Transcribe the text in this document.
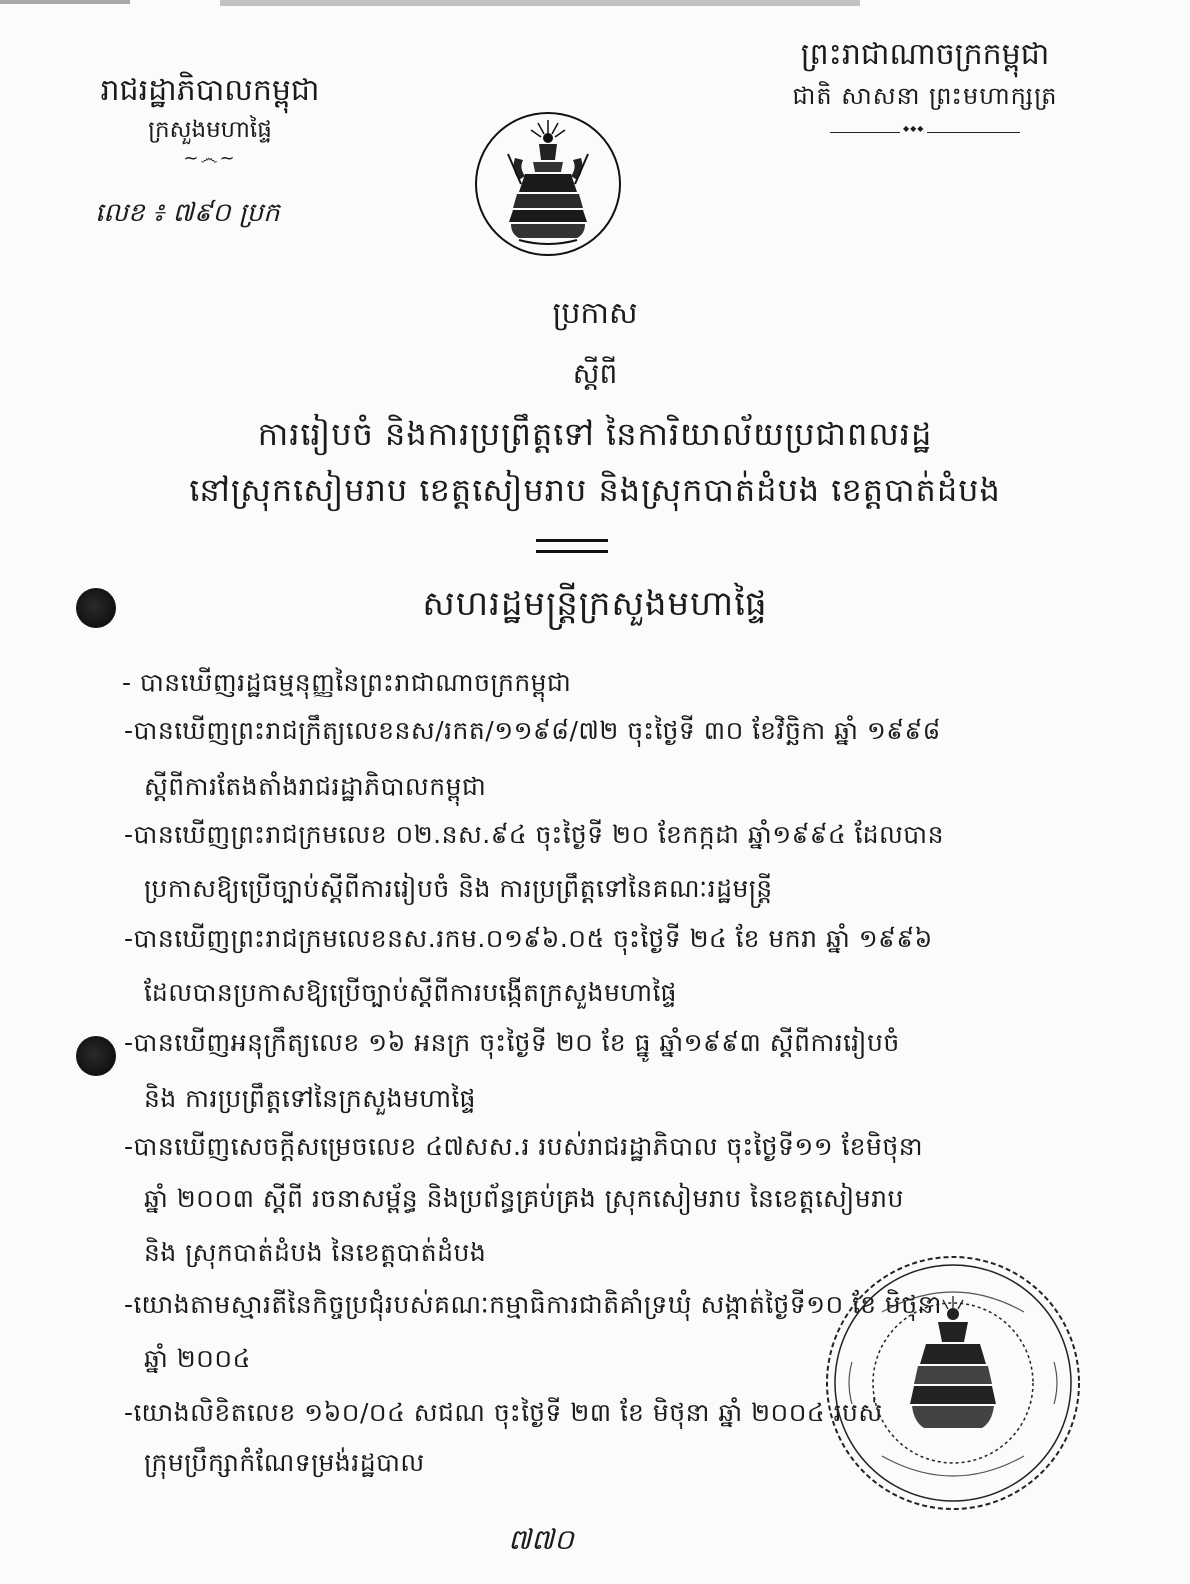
រាជរដ្ឋាភិបាលកម្ពុជា
ក្រសួងមហាផ្ទៃ
~෴~
លេខ ៖ ៧៩០ ប្រក
ព្រះរាជាណាចក្រកម្ពុជា
ជាតិ សាសនា ព្រះមហាក្សត្រ
◆◆◆
ប្រកាស
ស្ដីពី
ការរៀបចំ និងការប្រព្រឹត្តទៅ នៃការិយាល័យប្រជាពលរដ្ឋ
នៅស្រុកសៀមរាប ខេត្តសៀមរាប និងស្រុកបាត់ដំបង ខេត្តបាត់ដំបង
សហរដ្ឋមន្ត្រីក្រសួងមហាផ្ទៃ
- បានឃើញរដ្ឋធម្មនុញ្ញនៃព្រះរាជាណាចក្រកម្ពុជា
-បានឃើញព្រះរាជក្រឹត្យលេខនស/រកត/១១៩៨/៧២ ចុះថ្ងៃទី ៣០ ខែវិច្ឆិកា ឆ្នាំ ១៩៩៨
ស្ដីពីការតែងតាំងរាជរដ្ឋាភិបាលកម្ពុជា
-បានឃើញព្រះរាជក្រមលេខ ០២.នស.៩៤ ចុះថ្ងៃទី ២០ ខែកក្កដា ឆ្នាំ១៩៩៤ ដែលបាន
ប្រកាសឱ្យប្រើច្បាប់ស្ដីពីការរៀបចំ និង ការប្រព្រឹត្តទៅនៃគណៈរដ្ឋមន្ត្រី
-បានឃើញព្រះរាជក្រមលេខនស.រកម.០១៩៦.០៥ ចុះថ្ងៃទី ២៤ ខែ មករា ឆ្នាំ ១៩៩៦
ដែលបានប្រកាសឱ្យប្រើច្បាប់ស្ដីពីការបង្កើតក្រសួងមហាផ្ទៃ
-បានឃើញអនុក្រឹត្យលេខ ១៦ អនក្រ ចុះថ្ងៃទី ២០ ខែ ធ្នូ ឆ្នាំ១៩៩៣ ស្ដីពីការរៀបចំ
និង ការប្រព្រឹត្តទៅនៃក្រសួងមហាផ្ទៃ
-បានឃើញសេចក្ដីសម្រេចលេខ ៤៧សស.រ របស់រាជរដ្ឋាភិបាល ចុះថ្ងៃទី១១ ខែមិថុនា
ឆ្នាំ ២០០៣ ស្ដីពី រចនាសម្ព័ន្ធ និងប្រព័ន្ធគ្រប់គ្រង ស្រុកសៀមរាប នៃខេត្តសៀមរាប
និង ស្រុកបាត់ដំបង នៃខេត្តបាត់ដំបង
-យោងតាមស្មារតីនៃកិច្ចប្រជុំរបស់គណៈកម្មាធិការជាតិគាំទ្រឃុំ សង្កាត់ថ្ងៃទី១០ ខែ មិថុនា
ឆ្នាំ ២០០៤
-យោងលិខិតលេខ ១៦០/០៤ សជណ ចុះថ្ងៃទី ២៣ ខែ មិថុនា ឆ្នាំ ២០០៤ របស់
ក្រុមប្រឹក្សាកំណែទម្រង់រដ្ឋបាល
៧៧០
